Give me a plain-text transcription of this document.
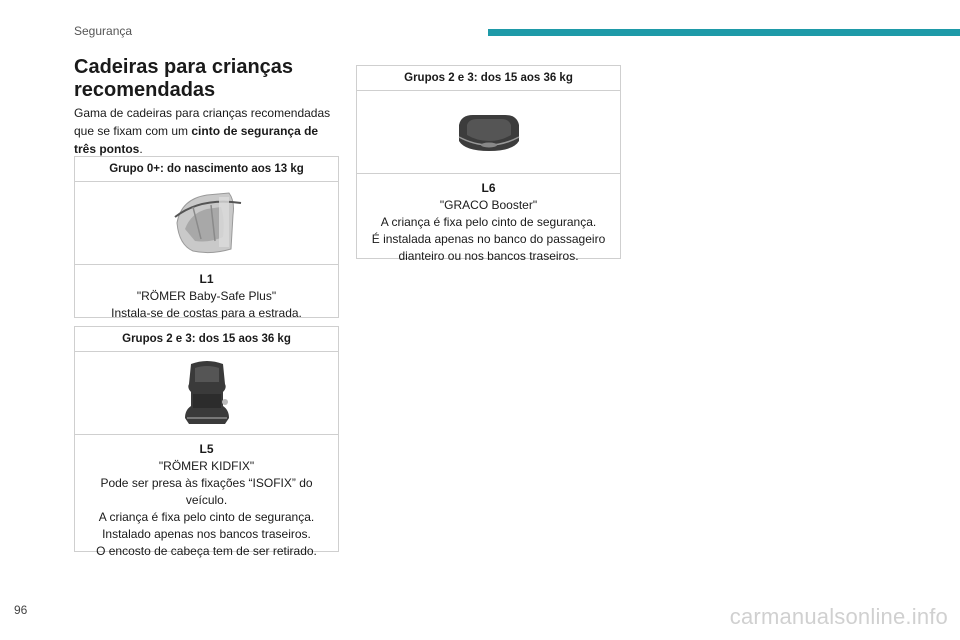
Segurança
Cadeiras para crianças recomendadas
Gama de cadeiras para crianças recomendadas que se fixam com um cinto de segurança de três pontos.
Grupo 0+: do nascimento aos 13 kg
L1
"RÖMER Baby-Safe Plus"
Instala-se de costas para a estrada.
Grupos 2 e 3: dos 15 aos 36 kg
L5
"RÖMER KIDFIX"
Pode ser presa às fixações “ISOFIX” do veículo.
A criança é fixa pelo cinto de segurança.
Instalado apenas nos bancos traseiros.
O encosto de cabeça tem de ser retirado.
Grupos 2 e 3: dos 15 aos 36 kg
L6
"GRACO Booster"
A criança é fixa pelo cinto de segurança.
É instalada apenas no banco do passageiro dianteiro ou nos bancos traseiros.
96	carmanualsonline.info
